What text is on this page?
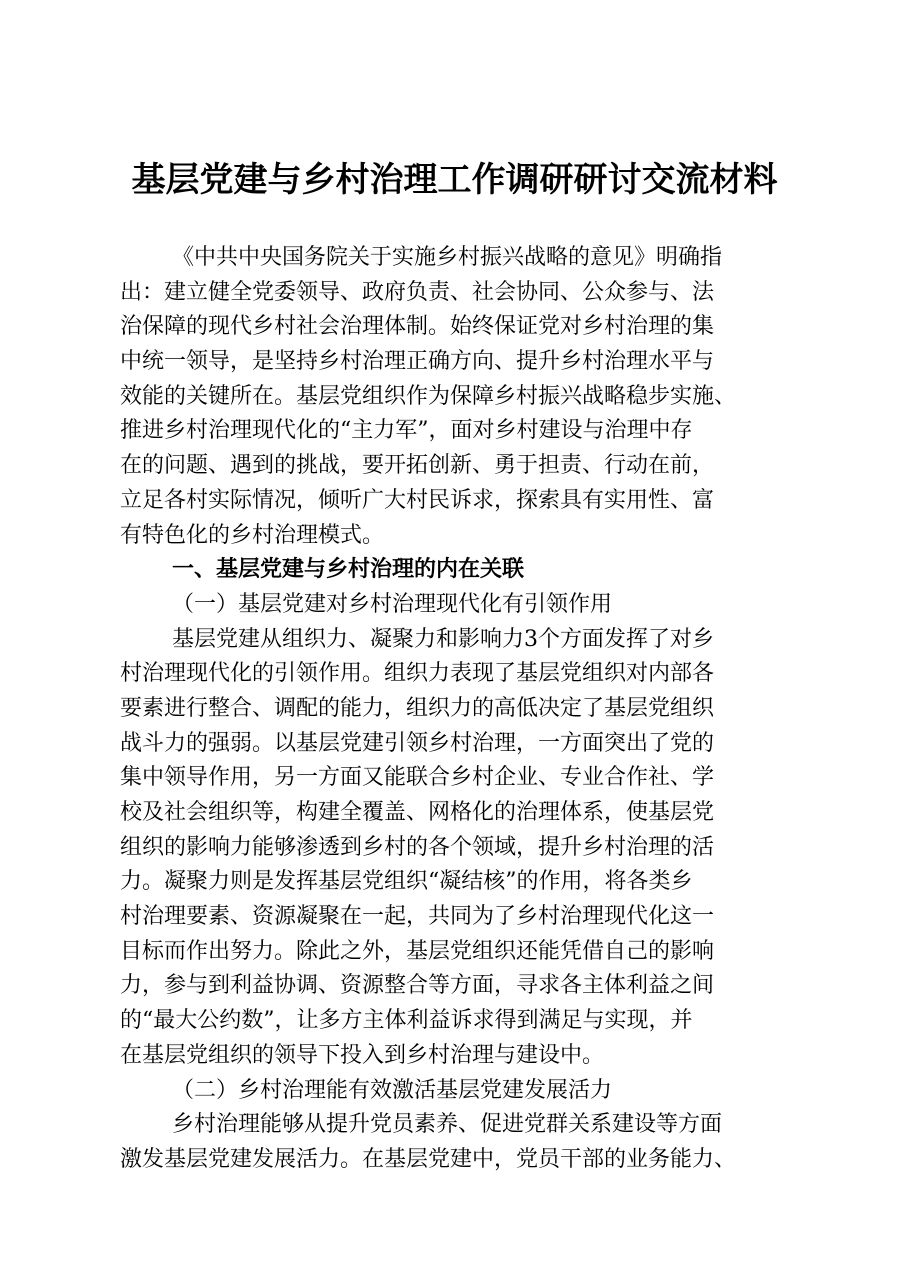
基层党建与乡村治理工作调研研讨交流材料
《中共中央国务院关于实施乡村振兴战略的意见》明确指
出：建立健全党委领导、政府负责、社会协同、公众参与、法
治保障的现代乡村社会治理体制。始终保证党对乡村治理的集
中统一领导，是坚持乡村治理正确方向、提升乡村治理水平与
效能的关键所在。基层党组织作为保障乡村振兴战略稳步实施、
推进乡村治理现代化的“主力军”，面对乡村建设与治理中存
在的问题、遇到的挑战，要开拓创新、勇于担责、行动在前，
立足各村实际情况，倾听广大村民诉求，探索具有实用性、富
有特色化的乡村治理模式。
一、基层党建与乡村治理的内在关联
（一）基层党建对乡村治理现代化有引领作用
基层党建从组织力、凝聚力和影响力3个方面发挥了对乡
村治理现代化的引领作用。组织力表现了基层党组织对内部各
要素进行整合、调配的能力，组织力的高低决定了基层党组织
战斗力的强弱。以基层党建引领乡村治理，一方面突出了党的
集中领导作用，另一方面又能联合乡村企业、专业合作社、学
校及社会组织等，构建全覆盖、网格化的治理体系，使基层党
组织的影响力能够渗透到乡村的各个领域，提升乡村治理的活
力。凝聚力则是发挥基层党组织“凝结核”的作用，将各类乡
村治理要素、资源凝聚在一起，共同为了乡村治理现代化这一
目标而作出努力。除此之外，基层党组织还能凭借自己的影响
力，参与到利益协调、资源整合等方面，寻求各主体利益之间
的“最大公约数”，让多方主体利益诉求得到满足与实现，并
在基层党组织的领导下投入到乡村治理与建设中。
（二）乡村治理能有效激活基层党建发展活力
乡村治理能够从提升党员素养、促进党群关系建设等方面
激发基层党建发展活力。在基层党建中，党员干部的业务能力、
